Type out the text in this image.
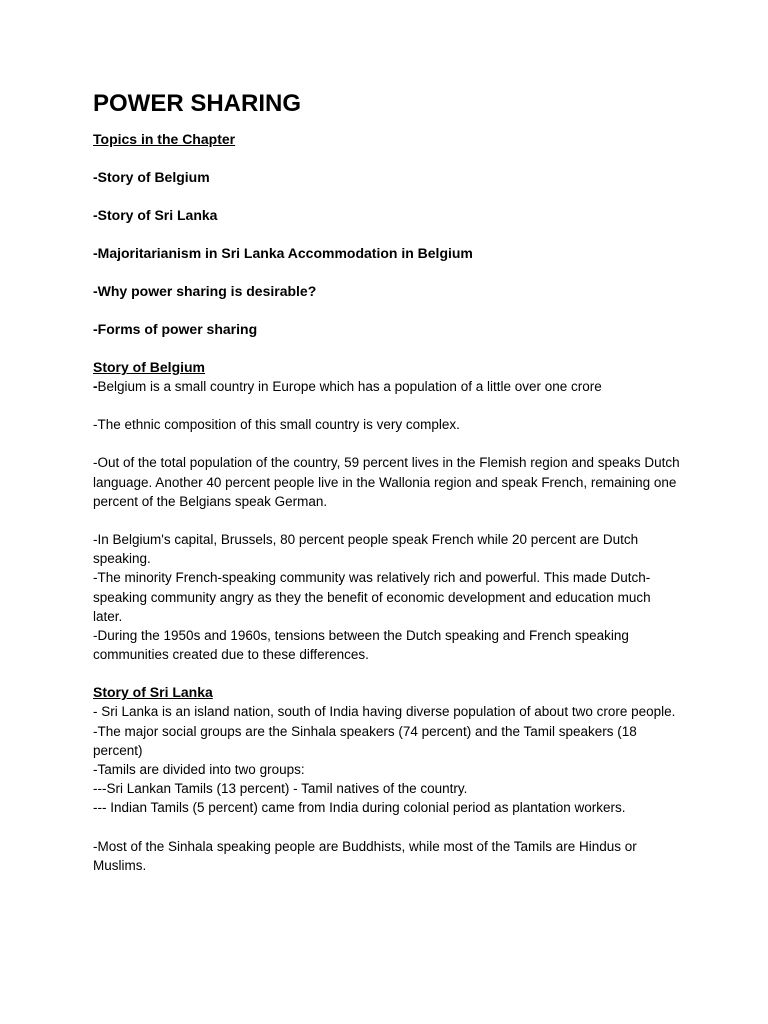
POWER SHARING

Topics in the Chapter

-Story of Belgium

-Story of Sri Lanka

-Majoritarianism in Sri Lanka Accommodation in Belgium

-Why power sharing is desirable?

-Forms of power sharing

Story of Belgium

-Belgium is a small country in Europe which has a population of a little over one crore

-The ethnic composition of this small country is very complex.

-Out of the total population of the country, 59 percent lives in the Flemish region and speaks Dutch language. Another 40 percent people live in the Wallonia region and speak French, remaining one percent of the Belgians speak German.

-In Belgium's capital, Brussels, 80 percent people speak French while 20 percent are Dutch speaking.

-The minority French-speaking community was relatively rich and powerful. This made Dutch-speaking community angry as they the benefit of economic development and education much later.

-During the 1950s and 1960s, tensions between the Dutch speaking and French speaking communities created due to these differences.

Story of Sri Lanka

- Sri Lanka is an island nation, south of India having diverse population of about two crore people.

-The major social groups are the Sinhala speakers (74 percent) and the Tamil speakers (18 percent)

-Tamils are divided into two groups:

---Sri Lankan Tamils (13 percent) - Tamil natives of the country.

--- Indian Tamils (5 percent) came from India during colonial period as plantation workers.

-Most of the Sinhala speaking people are Buddhists, while most of the Tamils are Hindus or Muslims.
